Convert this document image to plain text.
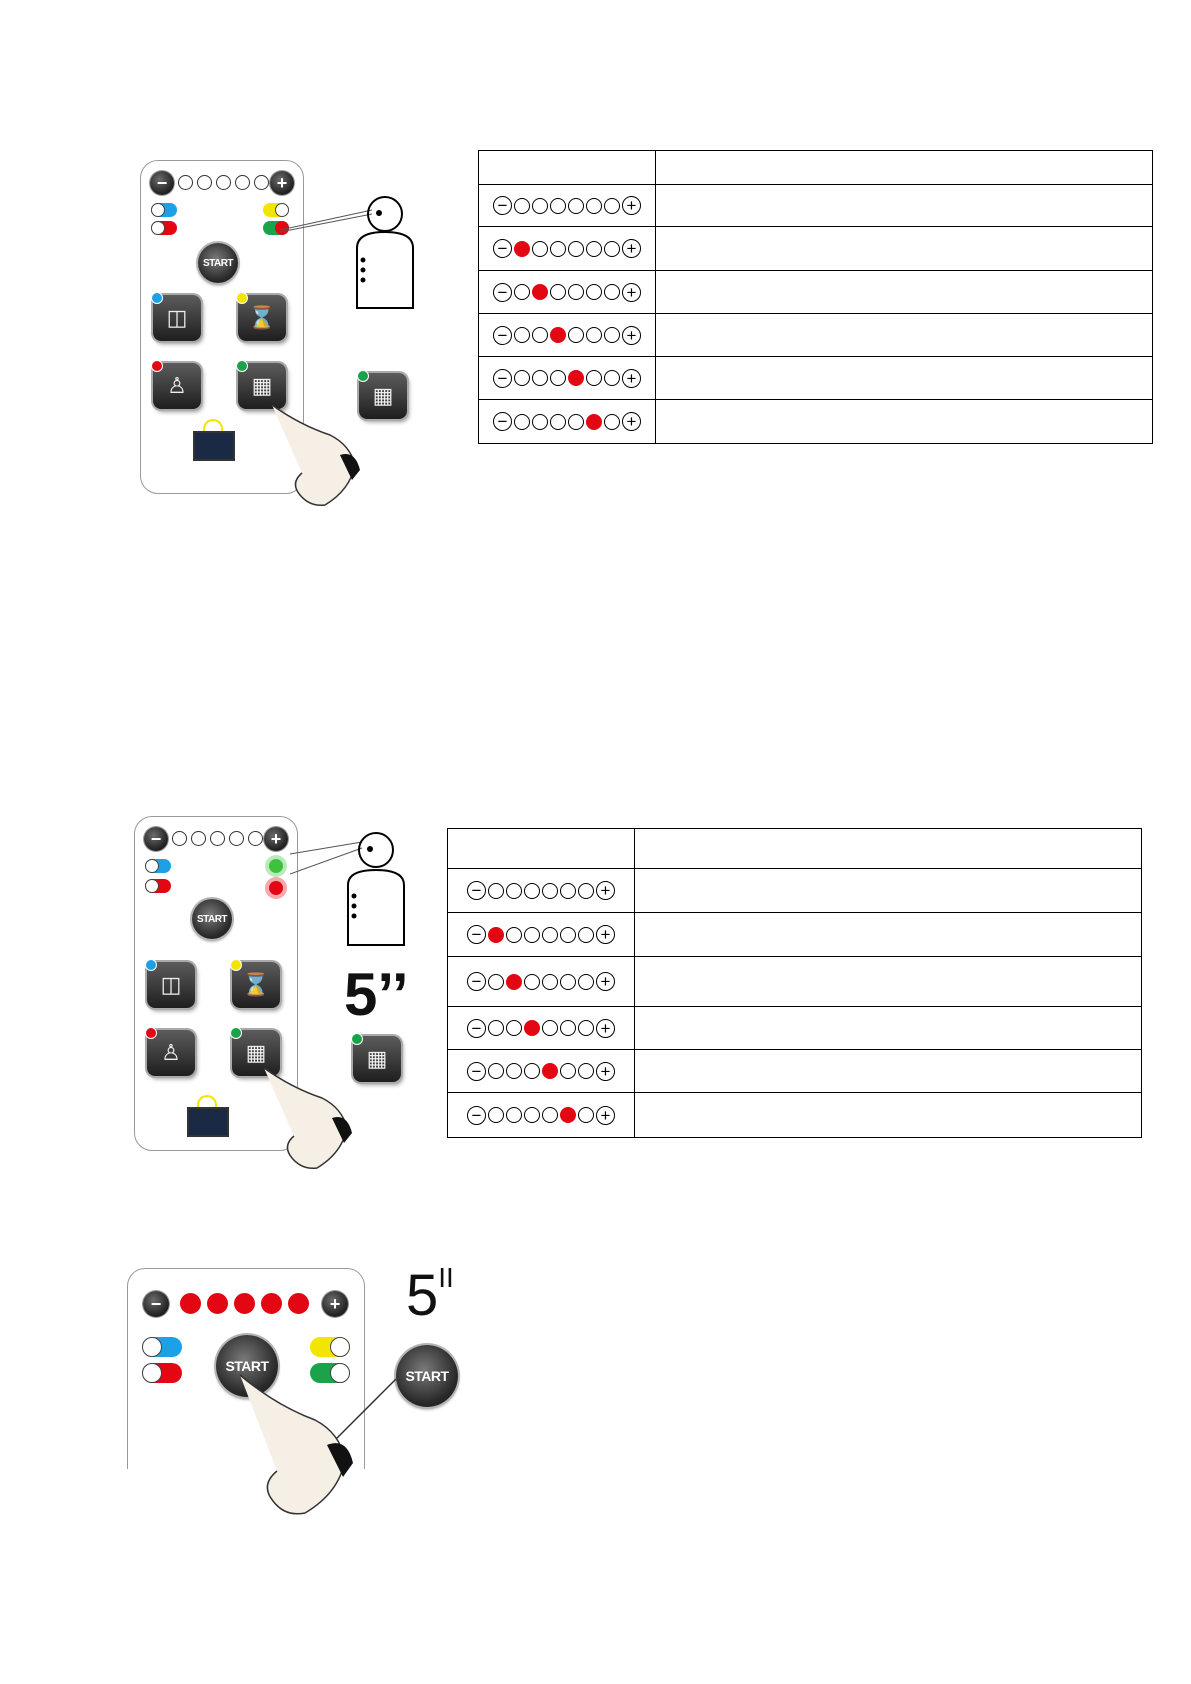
−	+
START
◫	⌛
♙	▦	▦

− +	

− +	

− +	

− +	

− +	

− +	

−	+
START
◫	⌛
♙	▦
5’’
▦

− +	

− +	

− +	

− +	

− +	

− +	

−	+
START
$5^{II}$
START
